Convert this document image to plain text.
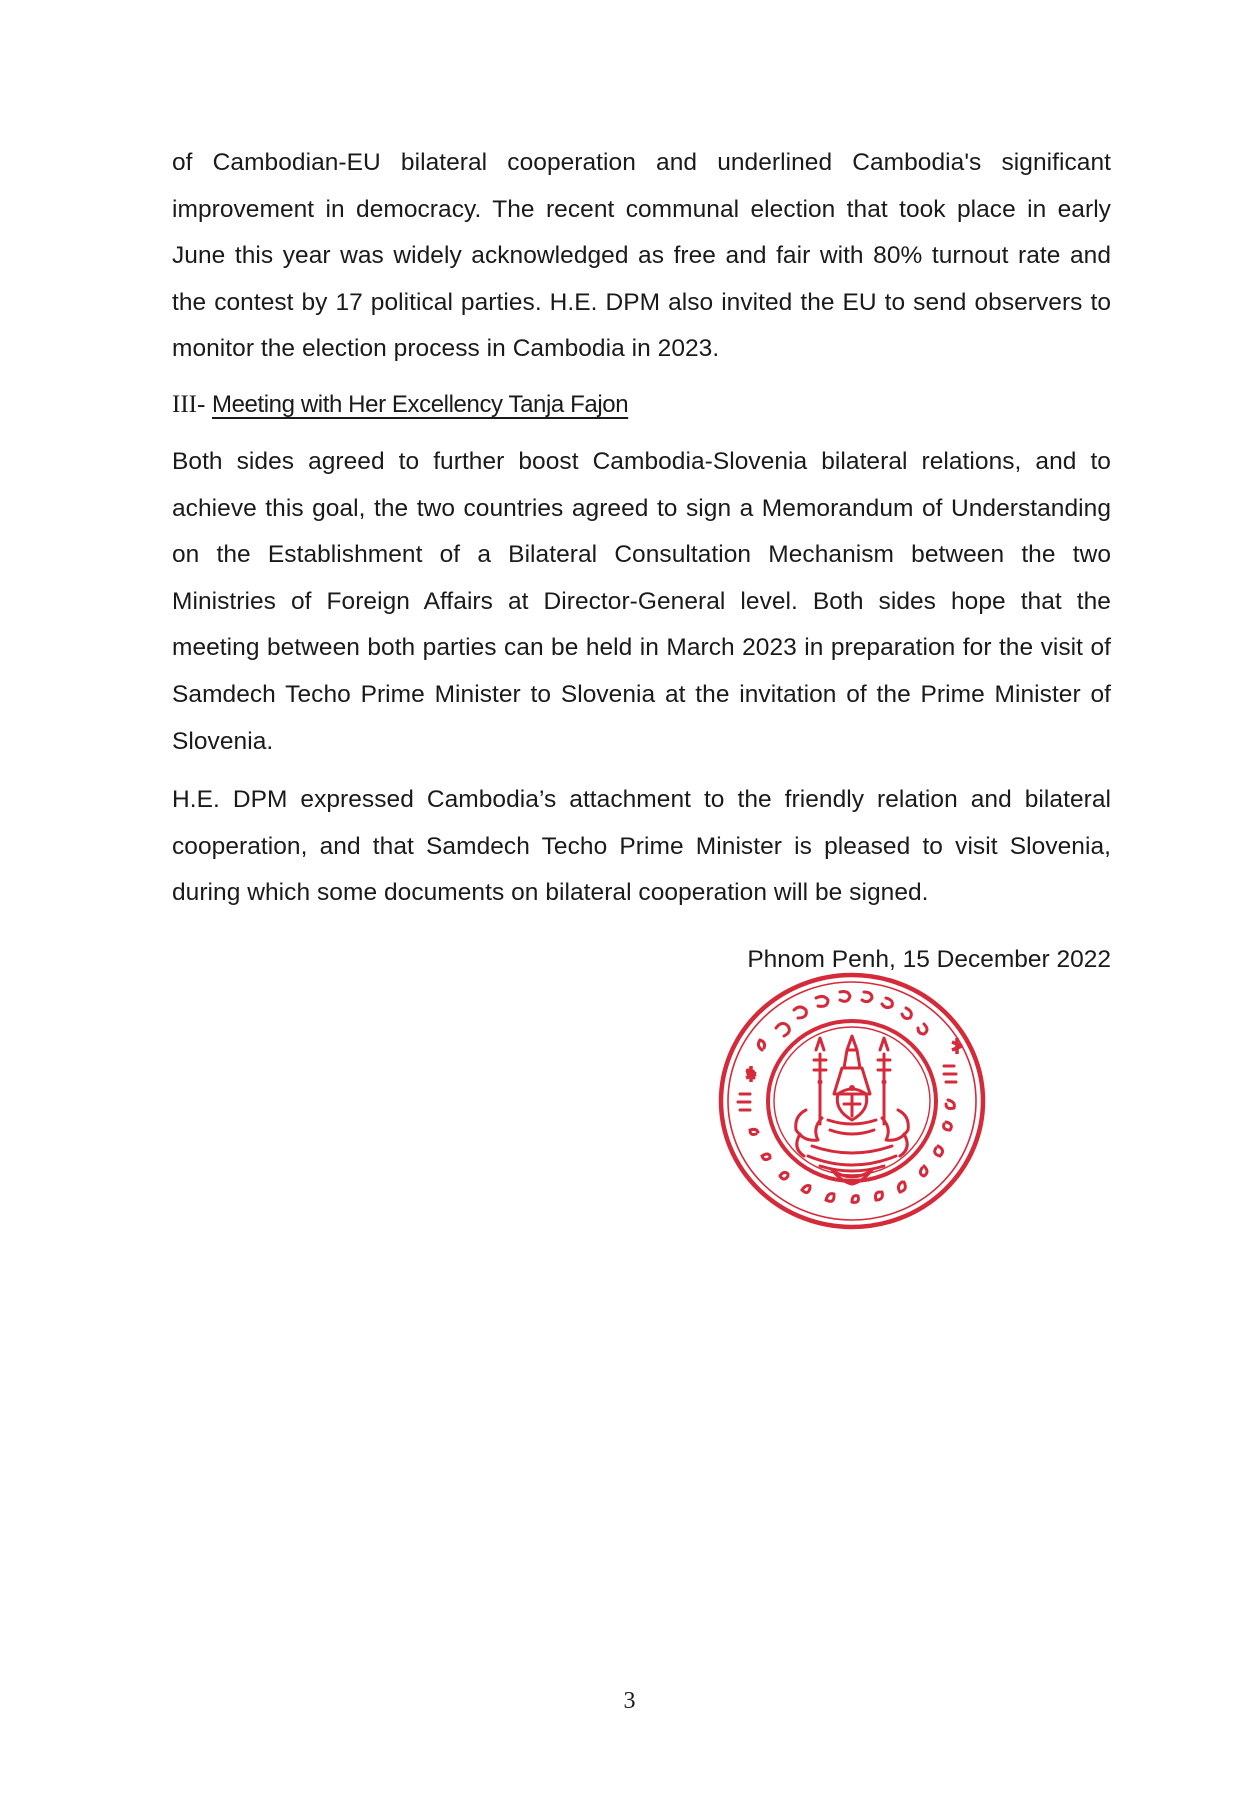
of Cambodian-EU bilateral cooperation and underlined Cambodia's significant improvement in democracy. The recent communal election that took place in early June this year was widely acknowledged as free and fair with 80% turnout rate and the contest by 17 political parties. H.E. DPM also invited the EU to send observers to monitor the election process in Cambodia in 2023.

III- Meeting with Her Excellency Tanja Fajon

Both sides agreed to further boost Cambodia-Slovenia bilateral relations, and to achieve this goal, the two countries agreed to sign a Memorandum of Understanding on the Establishment of a Bilateral Consultation Mechanism between the two Ministries of Foreign Affairs at Director-General level. Both sides hope that the meeting between both parties can be held in March 2023 in preparation for the visit of Samdech Techo Prime Minister to Slovenia at the invitation of the Prime Minister of Slovenia.

H.E. DPM expressed Cambodia’s attachment to the friendly relation and bilateral cooperation, and that Samdech Techo Prime Minister is pleased to visit Slovenia, during which some documents on bilateral cooperation will be signed.

Phnom Penh, 15 December 2022
3
